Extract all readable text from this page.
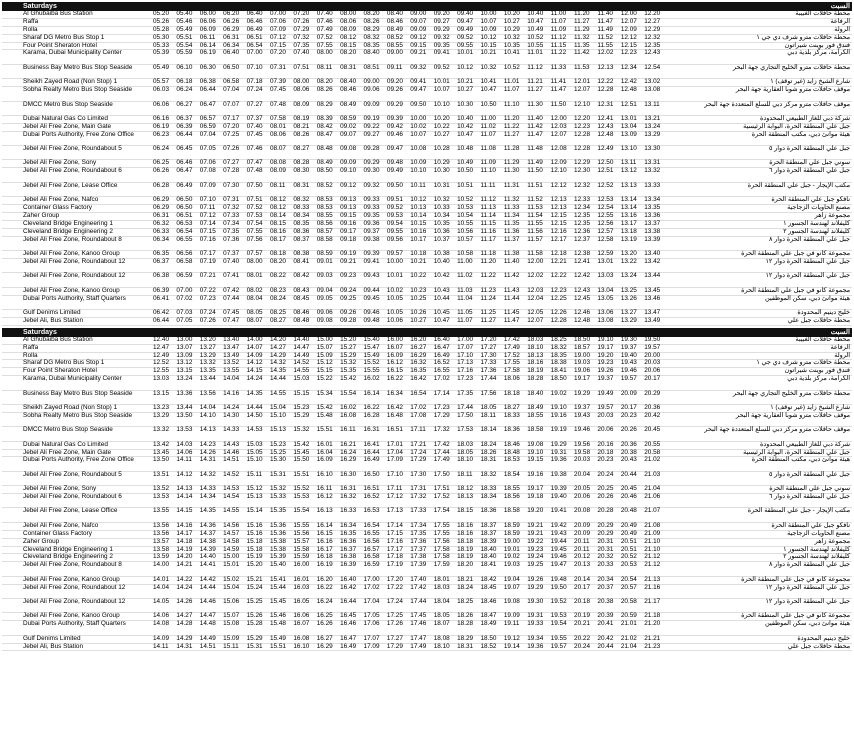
Saturdays	السبت
Al Ghubaiba Bus Station	05.20	05.40	06.00	06.20	06.40	07.00	07.20	07.40	08.00	08.20	08.40	09.00	09.20	09.40	10.00	10.20	10.40	11.00	11.20	11.40	12.00	12.20	محطة حافلات الغبيبة
Raffa	05.26	05.46	06.06	06.26	06.46	07.06	07.26	07.46	08.06	08.26	08.46	09.07	09.27	09.47	10.07	10.27	10.47	11.07	11.27	11.47	12.07	12.27	الرفاعة
Rolla	05.28	05.49	06.09	06.29	06.49	07.09	07.29	07.49	08.09	08.29	08.49	09.09	09.29	09.49	10.09	10.29	10.49	11.09	11.29	11.49	12.09	12.29	الرولة
Sharaf DG Metro Bus Stop 1	05.30	05.51	06.11	06.31	06.51	07.12	07.32	07.52	08.12	08.32	08.52	09.12	09.32	09.52	10.12	10.32	10.52	11.12	11.32	11.52	12.12	12.32	محطة حافلات مترو شرف دي جي ١
Four Point Sheraton Hotel	05.33	05.54	06.14	06.34	06.54	07.15	07.35	07.55	08.15	08.35	08.55	09.15	09.35	09.55	10.15	10.35	10.55	11.15	11.35	11.55	12.15	12.35	فندق فور بوينت شيراتون
Karama, Dubai Municipality Center	05.39	05.59	06.19	06.40	07.00	07.20	07.40	08.00	08.20	08.40	09.00	09.21	09.41	10.01	10.21	10.41	11.01	11.22	11.42	12.02	12.23	12.43	الكرامة، مركز بلدية دبي
Business Bay Metro Bus Stop Seaside	05.49	06.10	06.30	06.50	07.10	07.31	07.51	08.11	08.31	08.51	09.11	09.32	09.52	10.12	10.32	10.52	11.12	11.33	11.53	12.13	12.34	12.54	محطة حافلات مترو الخليج التجاري جهة البحر
Sheikh Zayed Road (Non Stop) 1	05.57	06.18	06.38	06.58	07.18	07.39	08.00	08.20	08.40	09.00	09.20	09.41	10.01	10.21	10.41	11.01	11.21	11.41	12.01	12.22	12.42	13.02	شارع الشيخ زايد (غير توقف) ١
Sobha Realty Metro Bus Stop Seaside	06.03	06.24	06.44	07.04	07.24	07.45	08.06	08.26	08.46	09.06	09.26	09.47	10.07	10.27	10.47	11.07	11.27	11.47	12.07	12.28	12.48	13.08	موقف حافلات مترو شوبا العقارية جهة البحر
DMCC Metro Bus Stop Seaside	06.06	06.27	06.47	07.07	07.27	07.48	08.09	08.29	08.49	09.09	09.29	09.50	10.10	10.30	10.50	11.10	11.30	11.50	12.10	12.31	12.51	13.11	موقف حافلات مترو مركز دبي للسلع المتعددة جهة البحر
Dubai Natural Gas Co Limited	06.16	06.37	06.57	07.17	07.37	07.58	08.19	08.39	08.59	09.19	09.39	10.00	10.20	10.40	11.00	11.20	11.40	12.00	12.20	12.41	13.01	13.21	شركة دبي للغاز الطبيعي المحدودة
Jebel Ali Free Zone, Main Gate	06.19	06.39	06.59	07.20	07.40	08.01	08.21	08.42	09.02	09.22	09.42	10.02	10.22	10.42	11.02	11.22	11.42	12.03	12.23	12.43	13.04	13.24	جبل علي المنطقة الحرة، البوابة الرئيسية
Dubai Ports Authority, Free Zone Office	06.23	06.44	07.04	07.25	07.45	08.06	08.26	08.47	09.07	09.27	09.46	10.07	10.27	10.47	11.07	11.27	11.47	12.07	12.28	12.48	13.09	13.29	هيئة موانئ دبي، مكتب المنطقة الحرة
Jebel Ali Free Zone, Roundabout 5	06.24	06.45	07.05	07.26	07.46	08.07	08.27	08.48	09.08	09.28	09.47	10.08	10.28	10.48	11.08	11.28	11.48	12.08	12.28	12.49	13.10	13.30	جبل علي المنطقة الحرة دوار ٥
Jebel Ali Free Zone, Sony	06.25	06.46	07.06	07.27	07.47	08.08	08.28	08.49	09.09	09.29	09.48	10.09	10.29	10.49	11.09	11.29	11.49	12.09	12.29	12.50	13.11	13.31	سوني جبل علي المنطقة الحرة
Jebel Ali Free Zone, Roundabout 6	06.26	06.47	07.08	07.28	07.48	08.09	08.30	08.50	09.10	09.30	09.49	10.10	10.30	10.50	11.10	11.30	11.50	12.10	12.30	12.51	13.12	13.32	جبل علي المنطقة الحرة دوار ٦
Jebel Ali Free Zone, Lease Office	06.28	06.49	07.09	07.30	07.50	08.11	08.31	08.52	09.12	09.32	09.50	10.11	10.31	10.51	11.11	11.31	11.51	12.12	12.32	12.52	13.13	13.33	مكتب الإيجار - جبل علي المنطقة الحرة
Jebel Ali Free Zone, Nafco	06.29	06.50	07.10	07.31	07.51	08.12	08.32	08.53	09.13	09.33	09.51	10.12	10.32	10.52	11.12	11.32	11.52	12.13	12.33	12.53	13.14	13.34	نافكو جبل علي المنطقة الحرة
Container Glass Factory	06.29	06.50	07.11	07.32	07.52	08.12	08.33	08.53	09.13	09.33	09.52	10.13	10.33	10.53	11.13	11.33	11.53	12.13	12.34	12.54	13.14	13.35	مصنع الحاويات الزجاجية
Zaher Group	06.31	06.51	07.12	07.33	07.53	08.14	08.34	08.55	09.15	09.35	09.53	10.14	10.34	10.54	11.14	11.34	11.54	12.15	12.35	12.55	13.16	13.36	مجموعة زاهر
Cleveland Bridge Engineering 1	06.32	06.53	07.14	07.34	07.54	08.15	08.35	08.56	09.16	09.36	09.54	10.15	10.35	10.55	11.15	11.35	11.55	12.15	12.35	12.56	13.17	13.37	كليفلاند لهندسة الجسور ١
Cleveland Bridge Engineering 2	06.33	06.54	07.15	07.35	07.55	08.16	08.36	08.57	09.17	09.37	09.55	10.16	10.36	10.56	11.16	11.36	11.56	12.16	12.36	12.57	13.18	13.38	كليفلاند لهندسة الجسور ٢
Jebel Ali Free Zone, Roundabout 8	06.34	06.55	07.16	07.36	07.56	08.17	08.37	08.58	09.18	09.38	09.56	10.17	10.37	10.57	11.17	11.37	11.57	12.17	12.37	12.58	13.19	13.39	جبل علي المنطقة الحرة دوار ٨
Jebel Ali Free Zone, Kanoo Group	06.35	06.56	07.17	07.37	07.57	08.18	08.38	08.59	09.19	09.39	09.57	10.18	10.38	10.58	11.18	11.38	11.58	12.18	12.38	12.59	13.20	13.40	مجموعة كانو في جبل علي المنطقة الحرة
Jebel Ali Free Zone, Roundabout 12	06.37	06.58	07.19	07.40	08.00	08.20	08.41	09.01	09.21	09.41	10.00	10.21	10.40	11.00	11.20	11.40	12.00	12.21	12.41	13.01	13.22	13.42	جبل علي المنطقة الحرة دوار ١٢
Jebel Ali Free Zone, Roundabout 12	06.38	06.59	07.21	07.41	08.01	08.22	08.42	09.03	09.23	09.43	10.01	10.22	10.42	11.02	11.22	11.42	12.02	12.22	12.42	13.03	13.24	13.44	جبل علي المنطقة الحرة دوار ١٢
Jebel Ali Free Zone, Kanoo Group	06.39	07.00	07.22	07.42	08.02	08.23	08.43	09.04	09.24	09.44	10.02	10.23	10.43	11.03	11.23	11.43	12.03	12.23	12.43	13.04	13.25	13.45	مجموعة كانو في جبل علي المنطقة الحرة
Dubai Ports Authority, Staff Quarters	06.41	07.02	07.23	07.44	08.04	08.24	08.45	09.05	09.25	09.45	10.05	10.25	10.44	11.04	11.24	11.44	12.04	12.25	12.45	13.05	13.26	13.46	هيئة موانئ دبي، سكن الموظفين
Gulf Denims Limited	06.42	07.03	07.24	07.45	08.05	08.25	08.46	09.06	09.26	09.46	10.05	10.26	10.45	11.05	11.25	11.45	12.05	12.26	12.46	13.06	13.27	13.47	خليج دينيم المحدودة
Jebel Ali, Bus Station	06.44	07.05	07.26	07.47	08.07	08.27	08.48	09.08	09.28	09.48	10.06	10.27	10.47	11.07	11.27	11.47	12.07	12.28	12.48	13.08	13.29	13.49	محطة حافلات جبل علي
Saturdays	السبت
Al Ghubaiba Bus Station	12.40	13.00	13.20	13.40	14.00	14.20	14.40	15.00	15.20	15.40	16.00	16.20	16.40	17.00	17.20	17.42	18.03	18.25	18.50	19.10	19.30	19.50	محطة حافلات الغبيبة
Raffa	12.47	13.07	13.27	13.47	14.07	14.27	14.47	15.07	15.27	15.47	16.07	16.27	16.47	17.07	17.27	17.49	18.10	18.32	18.57	19.17	19.37	19.57	الرفاعة
Rolla	12.49	13.09	13.29	13.49	14.09	14.29	14.49	15.09	15.29	15.49	16.09	16.29	16.49	17.10	17.30	17.52	18.13	18.35	19.00	19.20	19.40	20.00	الرولة
Sharaf DG Metro Bus Stop 1	12.52	13.12	13.32	13.52	14.12	14.32	14.52	15.12	15.32	15.52	16.12	16.32	16.52	17.13	17.33	17.55	18.16	18.38	19.03	19.23	19.43	20.03	محطة حافلات مترو شرف دي جي ١
Four Point Sheraton Hotel	12.55	13.15	13.35	13.55	14.15	14.35	14.55	15.15	15.35	15.55	16.15	16.35	16.55	17.16	17.36	17.58	18.19	18.41	19.06	19.26	19.46	20.06	فندق فور بوينت شيراتون
Karama, Dubai Municipality Center	13.03	13.24	13.44	14.04	14.24	14.44	15.03	15.22	15.42	16.02	16.22	16.42	17.02	17.23	17.44	18.06	18.28	18.50	19.17	19.37	19.57	20.17	الكرامة، مركز بلدية دبي
Business Bay Metro Bus Stop Seaside	13.15	13.36	13.56	14.16	14.35	14.55	15.15	15.34	15.54	16.14	16.34	16.54	17.14	17.35	17.56	18.18	18.40	19.02	19.29	19.49	20.09	20.29	محطة حافلات مترو الخليج التجاري جهة البحر
Sheikh Zayed Road (Non Stop) 1	13.23	13.44	14.04	14.24	14.44	15.04	15.23	15.42	16.02	16.22	16.42	17.02	17.23	17.44	18.05	18.27	18.49	19.10	19.37	19.57	20.17	20.36	شارع الشيخ زايد (غير توقف) ١
Sobha Realty Metro Bus Stop Seaside	13.29	13.50	14.10	14.30	14.50	15.10	15.29	15.48	16.08	16.28	16.48	17.08	17.29	17.50	18.11	18.33	18.55	19.16	19.43	20.03	20.23	20.42	موقف حافلات مترو شوبا العقارية جهة البحر
DMCC Metro Bus Stop Seaside	13.32	13.53	14.13	14.33	14.53	15.13	15.32	15.51	16.11	16.31	16.51	17.11	17.32	17.53	18.14	18.36	18.58	19.19	19.46	20.06	20.26	20.45	موقف حافلات مترو مركز دبي للسلع المتعددة جهة البحر
Dubai Natural Gas Co Limited	13.42	14.03	14.23	14.43	15.03	15.23	15.42	16.01	16.21	16.41	17.01	17.21	17.42	18.03	18.24	18.46	19.08	19.29	19.56	20.16	20.36	20.55	شركة دبي للغاز الطبيعي المحدودة
Jebel Ali Free Zone, Main Gate	13.45	14.06	14.26	14.46	15.05	15.25	15.45	16.04	16.24	16.44	17.04	17.24	17.44	18.05	18.26	18.48	19.10	19.31	19.58	20.18	20.38	20.58	جبل علي المنطقة الحرة، البوابة الرئيسية
Dubai Ports Authority, Free Zone Office	13.50	14.11	14.31	14.51	15.10	15.30	15.50	16.09	16.29	16.49	17.09	17.29	17.49	18.10	18.31	18.53	19.15	19.36	20.03	20.23	20.43	21.02	هيئة موانئ دبي، مكتب المنطقة الحرة
Jebel Ali Free Zone, Roundabout 5	13.51	14.12	14.32	14.52	15.11	15.31	15.51	16.10	16.30	16.50	17.10	17.30	17.50	18.11	18.32	18.54	19.16	19.38	20.04	20.24	20.44	21.03	جبل علي المنطقة الحرة دوار ٥
Jebel Ali Free Zone, Sony	13.52	14.13	14.33	14.53	15.12	15.32	15.52	16.11	16.31	16.51	17.11	17.31	17.51	18.12	18.33	18.55	19.17	19.39	20.05	20.25	20.45	21.04	سوني جبل علي المنطقة الحرة
Jebel Ali Free Zone, Roundabout 6	13.53	14.14	14.34	14.54	15.13	15.33	15.53	16.12	16.32	16.52	17.12	17.32	17.52	18.13	18.34	18.56	19.18	19.40	20.06	20.26	20.46	21.06	جبل علي المنطقة الحرة دوار ٦
Jebel Ali Free Zone, Lease Office	13.55	14.15	14.35	14.55	15.14	15.35	15.54	16.13	16.33	16.53	17.13	17.33	17.54	18.15	18.36	18.58	19.20	19.41	20.08	20.28	20.48	21.07	مكتب الإيجار - جبل علي المنطقة الحرة
Jebel Ali Free Zone, Nafco	13.56	14.16	14.36	14.56	15.16	15.36	15.55	16.14	16.34	16.54	17.14	17.34	17.55	18.16	18.37	18.59	19.21	19.42	20.09	20.29	20.49	21.08	نافكو جبل علي المنطقة الحرة
Container Glass Factory	13.56	14.17	14.37	14.57	15.16	15.36	15.56	16.15	16.35	16.55	17.15	17.35	17.55	18.16	18.37	18.59	19.21	19.43	20.09	20.29	20.49	21.09	مصنع الحاويات الزجاجية
Zaher Group	13.57	14.18	14.38	14.58	15.18	15.38	15.57	16.16	16.36	16.56	17.16	17.36	17.56	18.18	18.39	19.00	19.22	19.44	20.11	20.31	20.51	21.10	مجموعة زاهر
Cleveland Bridge Engineering 1	13.58	14.19	14.39	14.59	15.18	15.38	15.58	16.17	16.37	16.57	17.17	17.37	17.58	18.19	18.40	19.01	19.23	19.45	20.11	20.31	20.51	21.10	كليفلاند لهندسة الجسور ١
Cleveland Bridge Engineering 2	13.59	14.20	14.40	15.00	15.19	15.39	15.59	16.18	16.38	16.58	17.18	17.38	17.58	18.19	18.40	19.02	19.24	19.46	20.12	20.32	20.52	21.12	كليفلاند لهندسة الجسور ٢
Jebel Ali Free Zone, Roundabout 8	14.00	14.21	14.41	15.01	15.20	15.40	16.00	16.19	16.39	16.59	17.19	17.39	17.59	18.20	18.41	19.03	19.25	19.47	20.13	20.33	20.53	21.12	جبل علي المنطقة الحرة دوار ٨
Jebel Ali Free Zone, Kanoo Group	14.01	14.22	14.42	15.02	15.21	15.41	16.01	16.20	16.40	17.00	17.20	17.40	18.01	18.21	18.42	19.04	19.26	19.48	20.14	20.34	20.54	21.13	مجموعة كانو في جبل علي المنطقة الحرة
Jebel Ali Free Zone, Roundabout 12	14.04	14.24	14.44	15.04	15.24	15.44	16.03	16.22	16.42	17.02	17.22	17.42	18.03	18.24	18.45	19.07	19.29	19.50	20.17	20.37	20.57	21.16	جبل علي المنطقة الحرة دوار ١٢
Jebel Ali Free Zone, Roundabout 12	14.05	14.26	14.46	15.06	15.25	15.45	16.05	16.24	16.44	17.04	17.24	17.44	18.04	18.25	18.46	19.08	19.30	19.52	20.18	20.38	20.58	21.17	جبل علي المنطقة الحرة دوار ١٢
Jebel Ali Free Zone, Kanoo Group	14.06	14.27	14.47	15.07	15.26	15.46	16.06	16.25	16.45	17.05	17.25	17.45	18.05	18.26	18.47	19.09	19.31	19.53	20.19	20.39	20.59	21.18	مجموعة كانو في جبل علي المنطقة الحرة
Dubai Ports Authority, Staff Quarters	14.08	14.28	14.48	15.08	15.28	15.48	16.07	16.26	16.46	17.06	17.26	17.46	18.07	18.28	18.49	19.11	19.33	19.54	20.21	20.41	21.01	21.20	هيئة موانئ دبي، سكن الموظفين
Gulf Denims Limited	14.09	14.29	14.49	15.09	15.29	15.49	16.08	16.27	16.47	17.07	17.27	17.47	18.08	18.29	18.50	19.12	19.34	19.55	20.22	20.42	21.02	21.21	خليج دينيم المحدودة
Jebel Ali, Bus Station	14.11	14.31	14.51	15.11	15.31	15.51	16.10	16.29	16.49	17.09	17.29	17.49	18.10	18.31	18.52	19.14	19.36	19.57	20.24	20.44	21.04	21.23	محطة حافلات جبل علي
